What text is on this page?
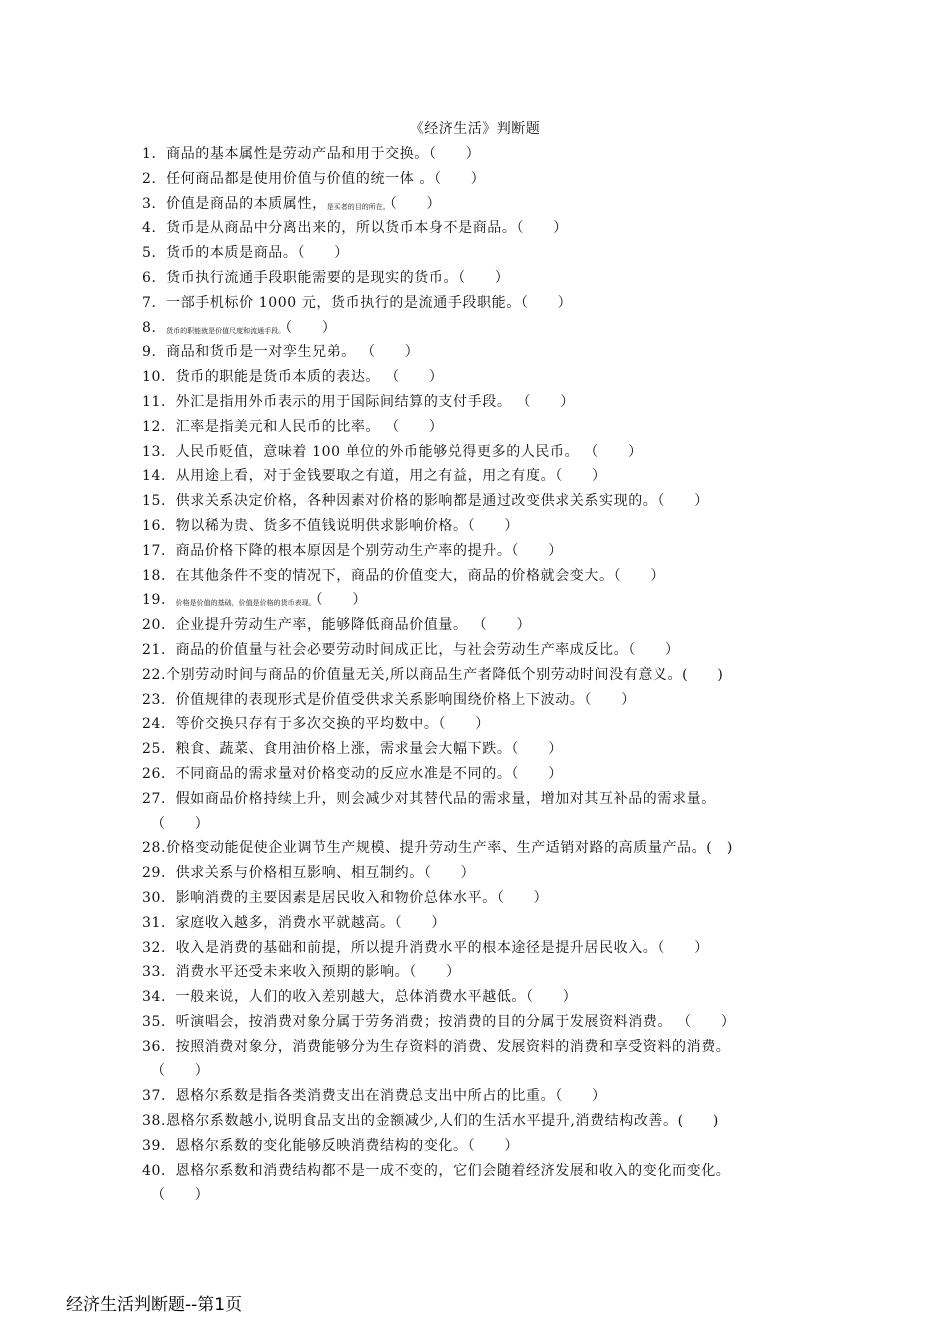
《经济生活》判断题
1．商品的基本属性是劳动产品和用于交换。（　　）
2．任何商品都是使用价值与价值的统一体 。（　　）
3．价值是商品的本质属性，是买者的目的所在。（　　）
4．货币是从商品中分离出来的，所以货币本身不是商品。（　　）
5．货币的本质是商品。（　　）
6．货币执行流通手段职能需要的是现实的货币。（　　）
7．一部手机标价 1000 元，货币执行的是流通手段职能。（　　）
8．货币的职能就是价值尺度和流通手段。（　　）
9．商品和货币是一对孪生兄弟。 （　　）
10．货币的职能是货币本质的表达。 （　　）
11．外汇是指用外币表示的用于国际间结算的支付手段。 （　　）
12．汇率是指美元和人民币的比率。 （　　）
13．人民币贬值，意味着 100 单位的外币能够兑得更多的人民币。 （　　）
14．从用途上看，对于金钱要取之有道，用之有益，用之有度。（　　）
15．供求关系决定价格，各种因素对价格的影响都是通过改变供求关系实现的。（　　）
16．物以稀为贵、货多不值钱说明供求影响价格。（　　）
17．商品价格下降的根本原因是个别劳动生产率的提升。（　　）
18．在其他条件不变的情况下，商品的价值变大，商品的价格就会变大。（　　）
19．价格是价值的基础，价值是价格的货币表现。（　　）
20．企业提升劳动生产率，能够降低商品价值量。 （　　）
21．商品的价值量与社会必要劳动时间成正比，与社会劳动生产率成反比。（　　）
22.个别劳动时间与商品的价值量无关,所以商品生产者降低个别劳动时间没有意义。(　　)
23．价值规律的表现形式是价值受供求关系影响围绕价格上下波动。（　　）
24．等价交换只存有于多次交换的平均数中。（　　）
25．粮食、蔬菜、食用油价格上涨，需求量会大幅下跌。（　　）
26．不同商品的需求量对价格变动的反应水准是不同的。（　　）
27．假如商品价格持续上升，则会减少对其替代品的需求量，增加对其互补品的需求量。
（　　）
28.价格变动能促使企业调节生产规模、提升劳动生产率、生产适销对路的高质量产品。(　)
29．供求关系与价格相互影响、相互制约。（　　）
30．影响消费的主要因素是居民收入和物价总体水平。（　　）
31．家庭收入越多，消费水平就越高。（　　）
32．收入是消费的基础和前提，所以提升消费水平的根本途径是提升居民收入。（　　）
33．消费水平还受未来收入预期的影响。（　　）
34．一般来说，人们的收入差别越大，总体消费水平越低。（　　）
35．听演唱会，按消费对象分属于劳务消费；按消费的目的分属于发展资料消费。 （　　）
36．按照消费对象分，消费能够分为生存资料的消费、发展资料的消费和享受资料的消费。
（　　）
37．恩格尔系数是指各类消费支出在消费总支出中所占的比重。（　　）
38.恩格尔系数越小,说明食品支出的金额减少,人们的生活水平提升,消费结构改善。(　　)
39．恩格尔系数的变化能够反映消费结构的变化。（　　）
40．恩格尔系数和消费结构都不是一成不变的，它们会随着经济发展和收入的变化而变化。
（　　）
经济生活判断题--第1页
